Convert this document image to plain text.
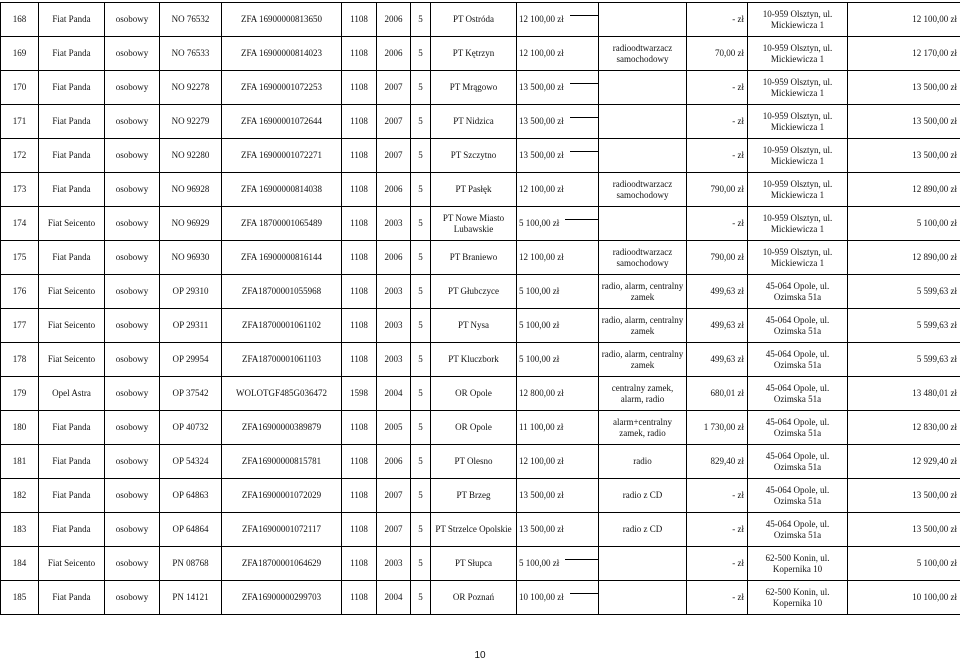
168	Fiat Panda	osobowy	NO 76532	ZFA 16900000813650	1108	2006	5	PT Ostróda	12 100,00 zł		- zł	10-959 Olsztyn, ul. Mickiewicza 1	12 100,00 zł
169	Fiat Panda	osobowy	NO 76533	ZFA 16900000814023	1108	2006	5	PT Kętrzyn	12 100,00 zł	radioodtwarzacz samochodowy	70,00 zł	10-959 Olsztyn, ul. Mickiewicza 1	12 170,00 zł
170	Fiat Panda	osobowy	NO 92278	ZFA 16900001072253	1108	2007	5	PT Mrągowo	13 500,00 zł		- zł	10-959 Olsztyn, ul. Mickiewicza 1	13 500,00 zł
171	Fiat Panda	osobowy	NO 92279	ZFA 16900001072644	1108	2007	5	PT Nidzica	13 500,00 zł		- zł	10-959 Olsztyn, ul. Mickiewicza 1	13 500,00 zł
172	Fiat Panda	osobowy	NO 92280	ZFA 16900001072271	1108	2007	5	PT Szczytno	13 500,00 zł		- zł	10-959 Olsztyn, ul. Mickiewicza 1	13 500,00 zł
173	Fiat Panda	osobowy	NO 96928	ZFA 16900000814038	1108	2006	5	PT Pasłęk	12 100,00 zł	radioodtwarzacz samochodowy	790,00 zł	10-959 Olsztyn, ul. Mickiewicza 1	12 890,00 zł
174	Fiat Seicento	osobowy	NO 96929	ZFA 18700001065489	1108	2003	5	PT Nowe Miasto Lubawskie	5 100,00 zł		- zł	10-959 Olsztyn, ul. Mickiewicza 1	5 100,00 zł
175	Fiat Panda	osobowy	NO 96930	ZFA 16900000816144	1108	2006	5	PT Braniewo	12 100,00 zł	radioodtwarzacz samochodowy	790,00 zł	10-959 Olsztyn, ul. Mickiewicza 1	12 890,00 zł
176	Fiat Seicento	osobowy	OP 29310	ZFA18700001055968	1108	2003	5	PT Głubczyce	5 100,00 zł	radio, alarm, centralny zamek	499,63 zł	45-064 Opole, ul. Ozimska 51a	5 599,63 zł
177	Fiat Seicento	osobowy	OP 29311	ZFA18700001061102	1108	2003	5	PT Nysa	5 100,00 zł	radio, alarm, centralny zamek	499,63 zł	45-064 Opole, ul. Ozimska 51a	5 599,63 zł
178	Fiat Seicento	osobowy	OP 29954	ZFA18700001061103	1108	2003	5	PT Kluczbork	5 100,00 zł	radio, alarm, centralny zamek	499,63 zł	45-064 Opole, ul. Ozimska 51a	5 599,63 zł
179	Opel Astra	osobowy	OP 37542	WOLOTGF485G036472	1598	2004	5	OR Opole	12 800,00 zł	centralny zamek, alarm, radio	680,01 zł	45-064 Opole, ul. Ozimska 51a	13 480,01 zł
180	Fiat Panda	osobowy	OP 40732	ZFA16900000389879	1108	2005	5	OR Opole	11 100,00 zł	alarm+centralny zamek, radio	1 730,00 zł	45-064 Opole, ul. Ozimska 51a	12 830,00 zł
181	Fiat Panda	osobowy	OP 54324	ZFA16900000815781	1108	2006	5	PT Olesno	12 100,00 zł	radio	829,40 zł	45-064 Opole, ul. Ozimska 51a	12 929,40 zł
182	Fiat Panda	osobowy	OP 64863	ZFA16900001072029	1108	2007	5	PT Brzeg	13 500,00 zł	radio z CD	- zł	45-064 Opole, ul. Ozimska 51a	13 500,00 zł
183	Fiat Panda	osobowy	OP 64864	ZFA16900001072117	1108	2007	5	PT Strzelce Opolskie	13 500,00 zł	radio z CD	- zł	45-064 Opole, ul. Ozimska 51a	13 500,00 zł
184	Fiat Seicento	osobowy	PN 08768	ZFA18700001064629	1108	2003	5	PT Słupca	5 100,00 zł		- zł	62-500 Konin, ul. Kopernika 10	5 100,00 zł
185	Fiat Panda	osobowy	PN 14121	ZFA16900000299703	1108	2004	5	OR Poznań	10 100,00 zł		- zł	62-500 Konin, ul. Kopernika 10	10 100,00 zł
10
